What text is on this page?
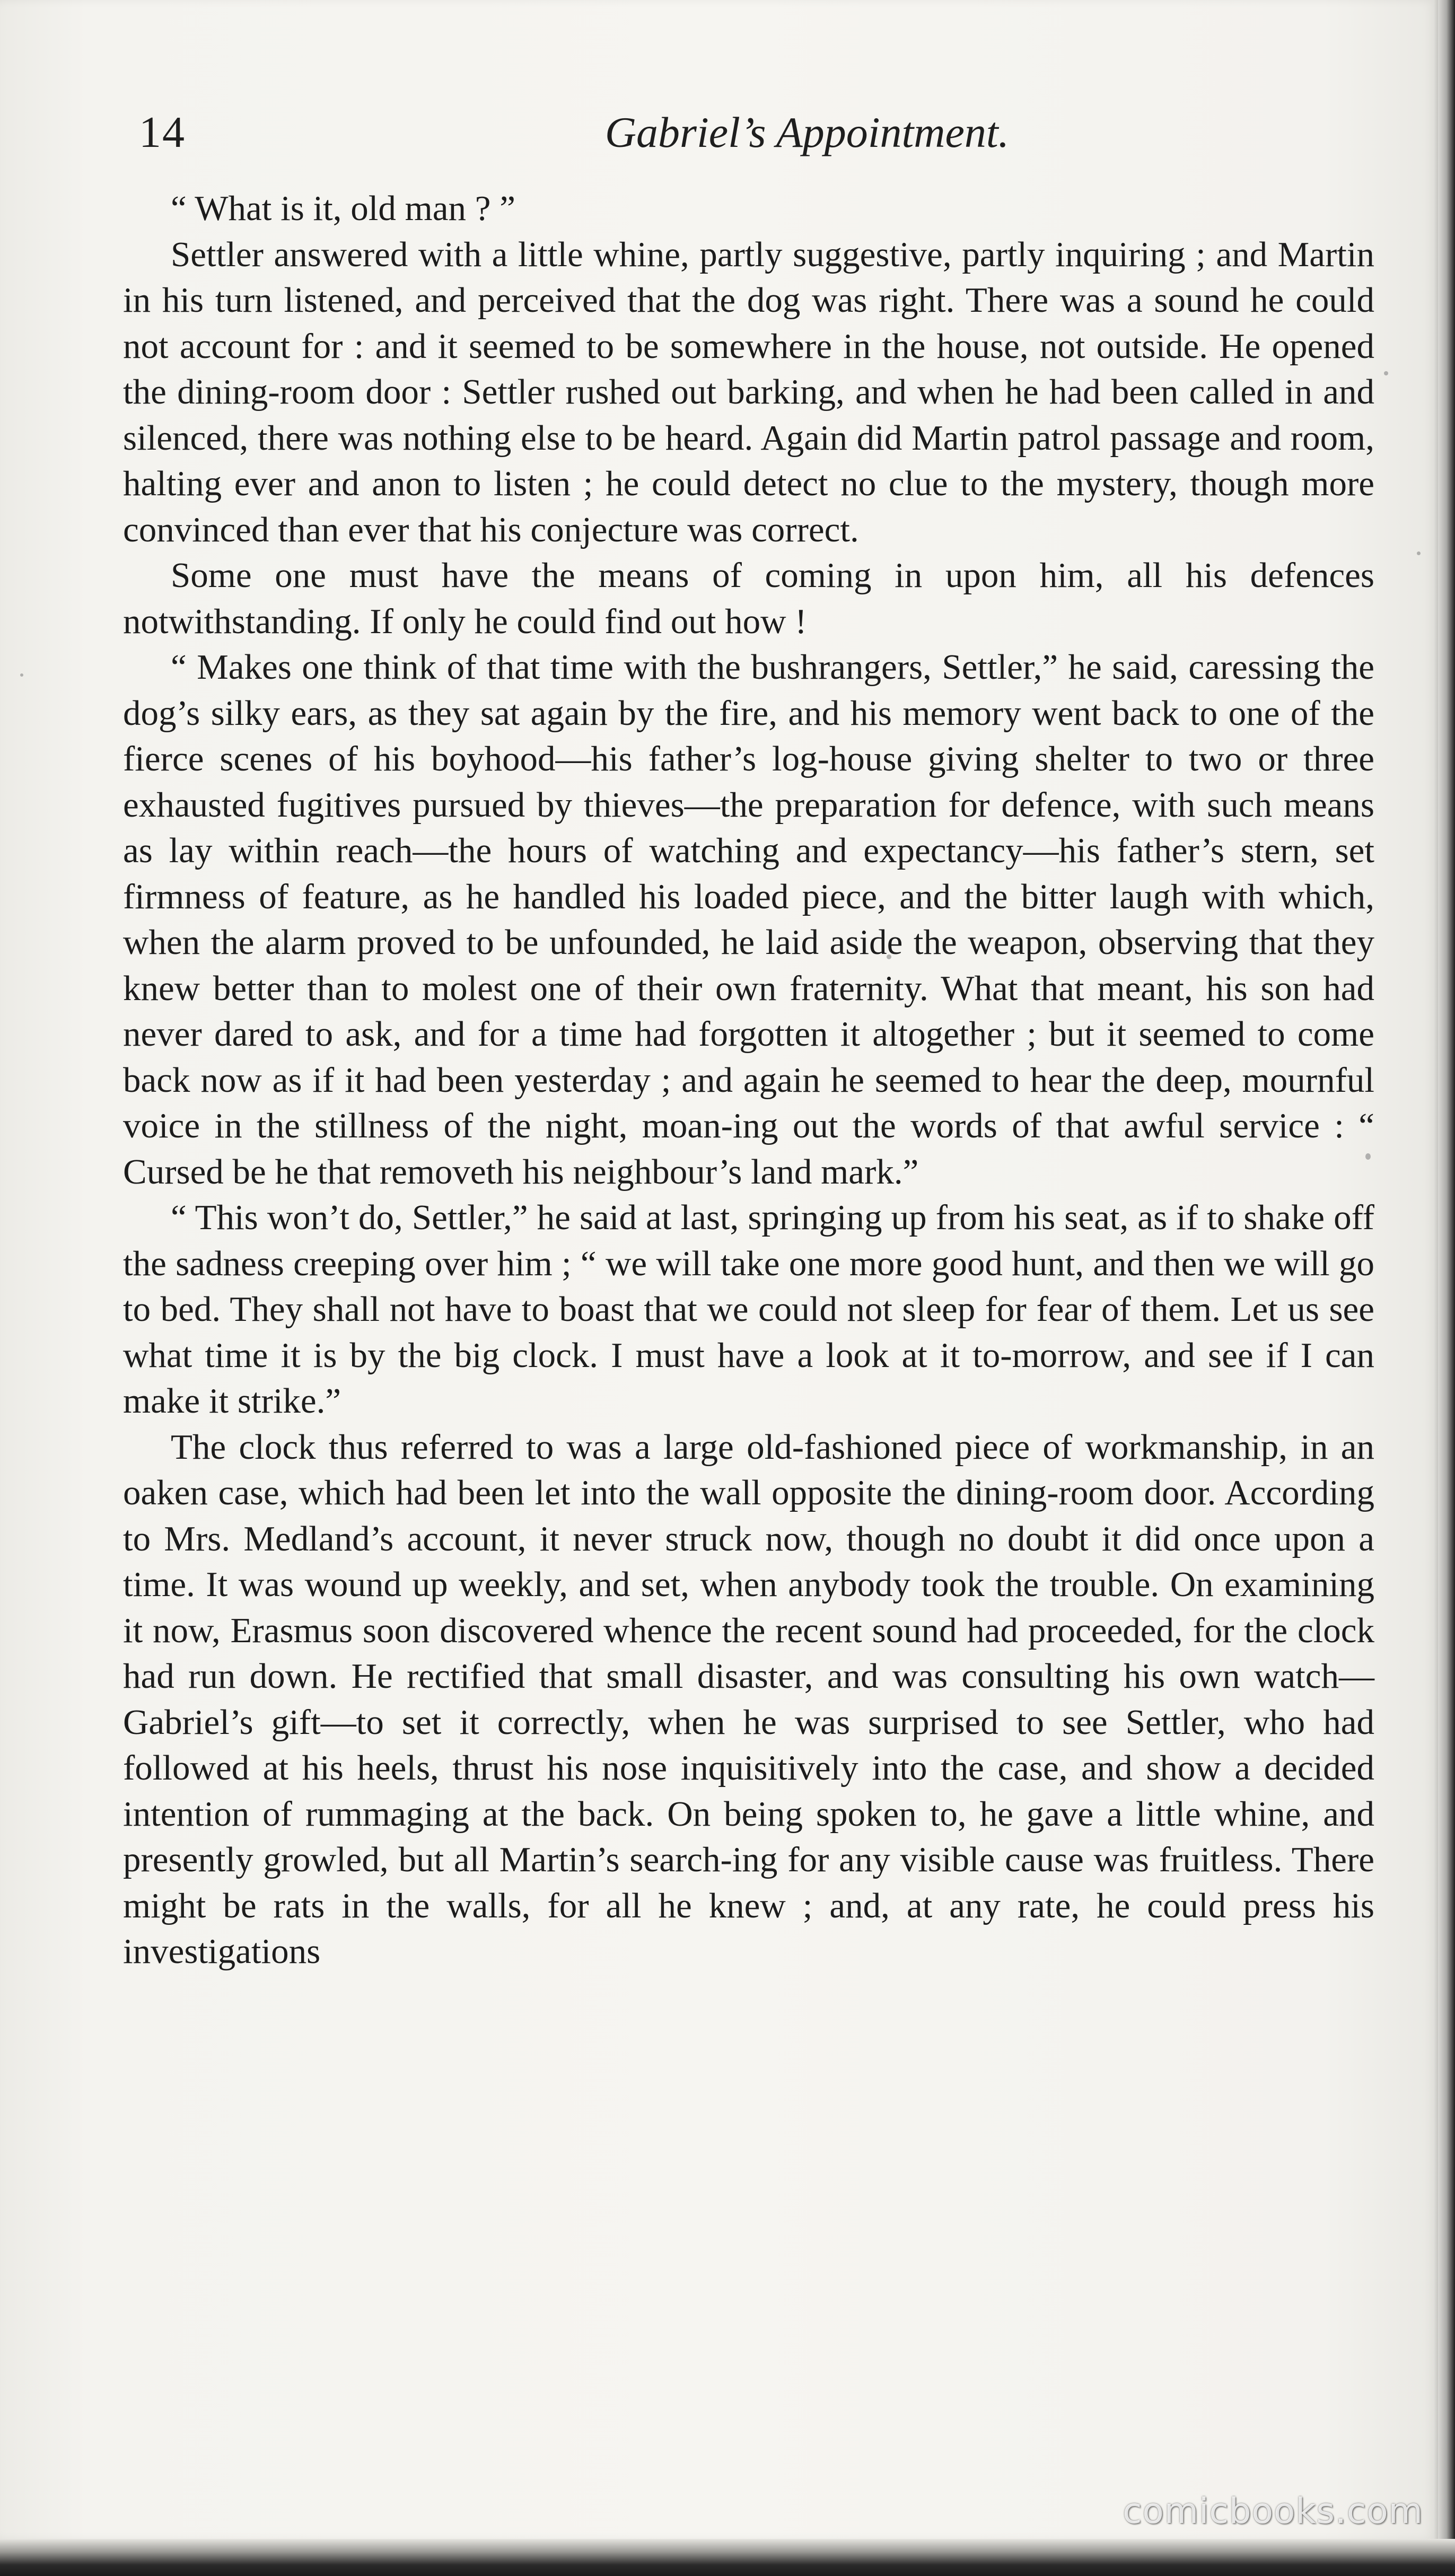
14	Gabriel’s Appointment.

“ What is it, old man ? ”

Settler answered with a little whine, partly suggestive, partly inquiring ; and Martin in his turn listened, and perceived that the dog was right. There was a sound he could not account for : and it seemed to be somewhere in the house, not outside. He opened the dining-room door : Settler rushed out barking, and when he had been called in and silenced, there was nothing else to be heard. Again did Martin patrol passage and room, halting ever and anon to listen ; he could detect no clue to the mystery, though more convinced than ever that his conjecture was correct.

Some one must have the means of coming in upon him, all his defences notwithstanding. If only he could find out how !

“ Makes one think of that time with the bushrangers, Settler,” he said, caressing the dog’s silky ears, as they sat again by the fire, and his memory went back to one of the fierce scenes of his boyhood—his father’s log-house giving shelter to two or three exhausted fugitives pursued by thieves—the preparation for defence, with such means as lay within reach—the hours of watching and expectancy—his father’s stern, set firmness of feature, as he handled his loaded piece, and the bitter laugh with which, when the alarm proved to be unfounded, he laid aside the weapon, observing that they knew better than to molest one of their own fraternity. What that meant, his son had never dared to ask, and for a time had forgotten it altogether ; but it seemed to come back now as if it had been yesterday ; and again he seemed to hear the deep, mournful voice in the stillness of the night, moan-ing out the words of that awful service : “ Cursed be he that removeth his neighbour’s land mark.”

“ This won’t do, Settler,” he said at last, springing up from his seat, as if to shake off the sadness creeping over him ; “ we will take one more good hunt, and then we will go to bed. They shall not have to boast that we could not sleep for fear of them. Let us see what time it is by the big clock. I must have a look at it to-morrow, and see if I can make it strike.”

The clock thus referred to was a large old-fashioned piece of workmanship, in an oaken case, which had been let into the wall opposite the dining-room door. According to Mrs. Medland’s account, it never struck now, though no doubt it did once upon a time. It was wound up weekly, and set, when anybody took the trouble. On examining it now, Erasmus soon discovered whence the recent sound had proceeded, for the clock had run down. He rectified that small disaster, and was consulting his own watch—Gabriel’s gift—to set it correctly, when he was surprised to see Settler, who had followed at his heels, thrust his nose inquisitively into the case, and show a decided intention of rummaging at the back. On being spoken to, he gave a little whine, and presently growled, but all Martin’s search-ing for any visible cause was fruitless. There might be rats in the walls, for all he knew ; and, at any rate, he could press his investigations

comicbooks.com
